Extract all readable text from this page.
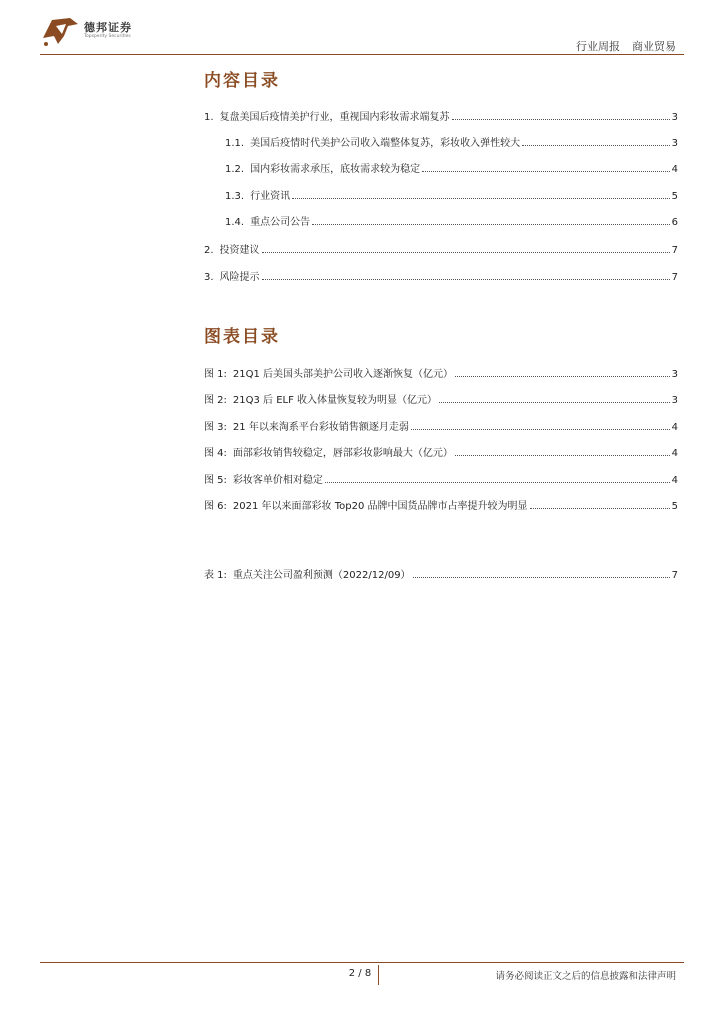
德邦证券
Topsperity Securities
行业周报 商业贸易
内容目录
1. 复盘美国后疫情美护行业，重视国内彩妆需求端复苏	3
1.1. 美国后疫情时代美护公司收入端整体复苏，彩妆收入弹性较大	3
1.2. 国内彩妆需求承压，底妆需求较为稳定	4
1.3. 行业资讯	5
1.4. 重点公司公告	6
2. 投资建议	7
3. 风险提示	7
图表目录
图 1: 21Q1 后美国头部美护公司收入逐渐恢复（亿元）	3
图 2: 21Q3 后 ELF 收入体量恢复较为明显（亿元）	3
图 3: 21 年以来淘系平台彩妆销售额逐月走弱	4
图 4: 面部彩妆销售较稳定，唇部彩妆影响最大（亿元）	4
图 5: 彩妆客单价相对稳定	4
图 6: 2021 年以来面部彩妆 Top20 品牌中国货品牌市占率提升较为明显	5
表 1: 重点关注公司盈利预测（2022/12/09）	7
2 / 8	请务必阅读正文之后的信息披露和法律声明
